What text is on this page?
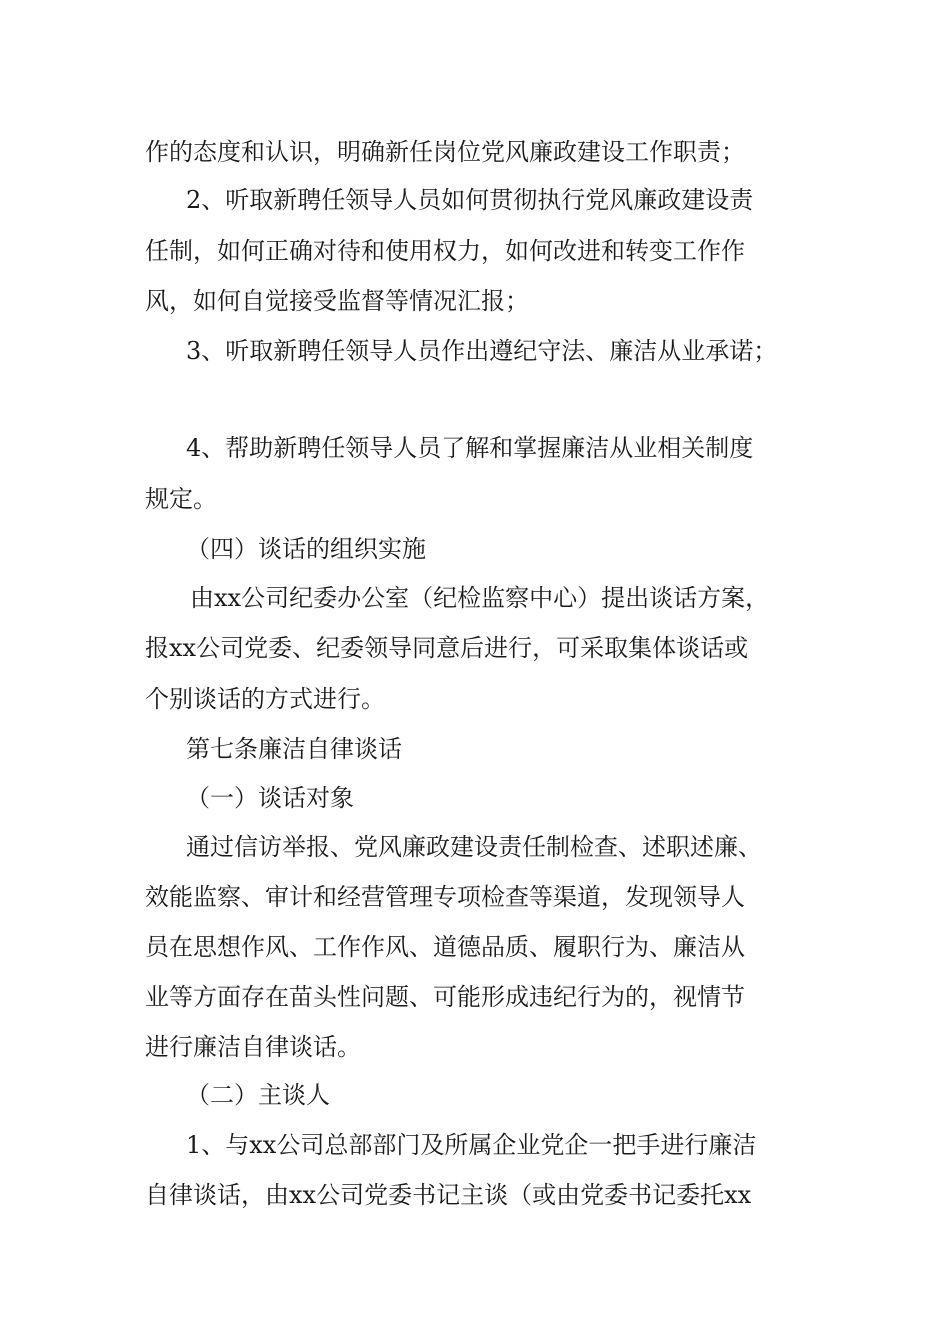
作的态度和认识，明确新任岗位党风廉政建设工作职责；
2、听取新聘任领导人员如何贯彻执行党风廉政建设责
任制，如何正确对待和使用权力，如何改进和转变工作作
风，如何自觉接受监督等情况汇报；
3、听取新聘任领导人员作出遵纪守法、廉洁从业承诺；
4、帮助新聘任领导人员了解和掌握廉洁从业相关制度
规定。
（四）谈话的组织实施
由xx公司纪委办公室（纪检监察中心）提出谈话方案，
报xx公司党委、纪委领导同意后进行，可采取集体谈话或
个别谈话的方式进行。
第七条廉洁自律谈话
（一）谈话对象
通过信访举报、党风廉政建设责任制检查、述职述廉、
效能监察、审计和经营管理专项检查等渠道，发现领导人
员在思想作风、工作作风、道德品质、履职行为、廉洁从
业等方面存在苗头性问题、可能形成违纪行为的，视情节
进行廉洁自律谈话。
（二）主谈人
1、与xx公司总部部门及所属企业党企一把手进行廉洁
自律谈话，由xx公司党委书记主谈（或由党委书记委托xx
